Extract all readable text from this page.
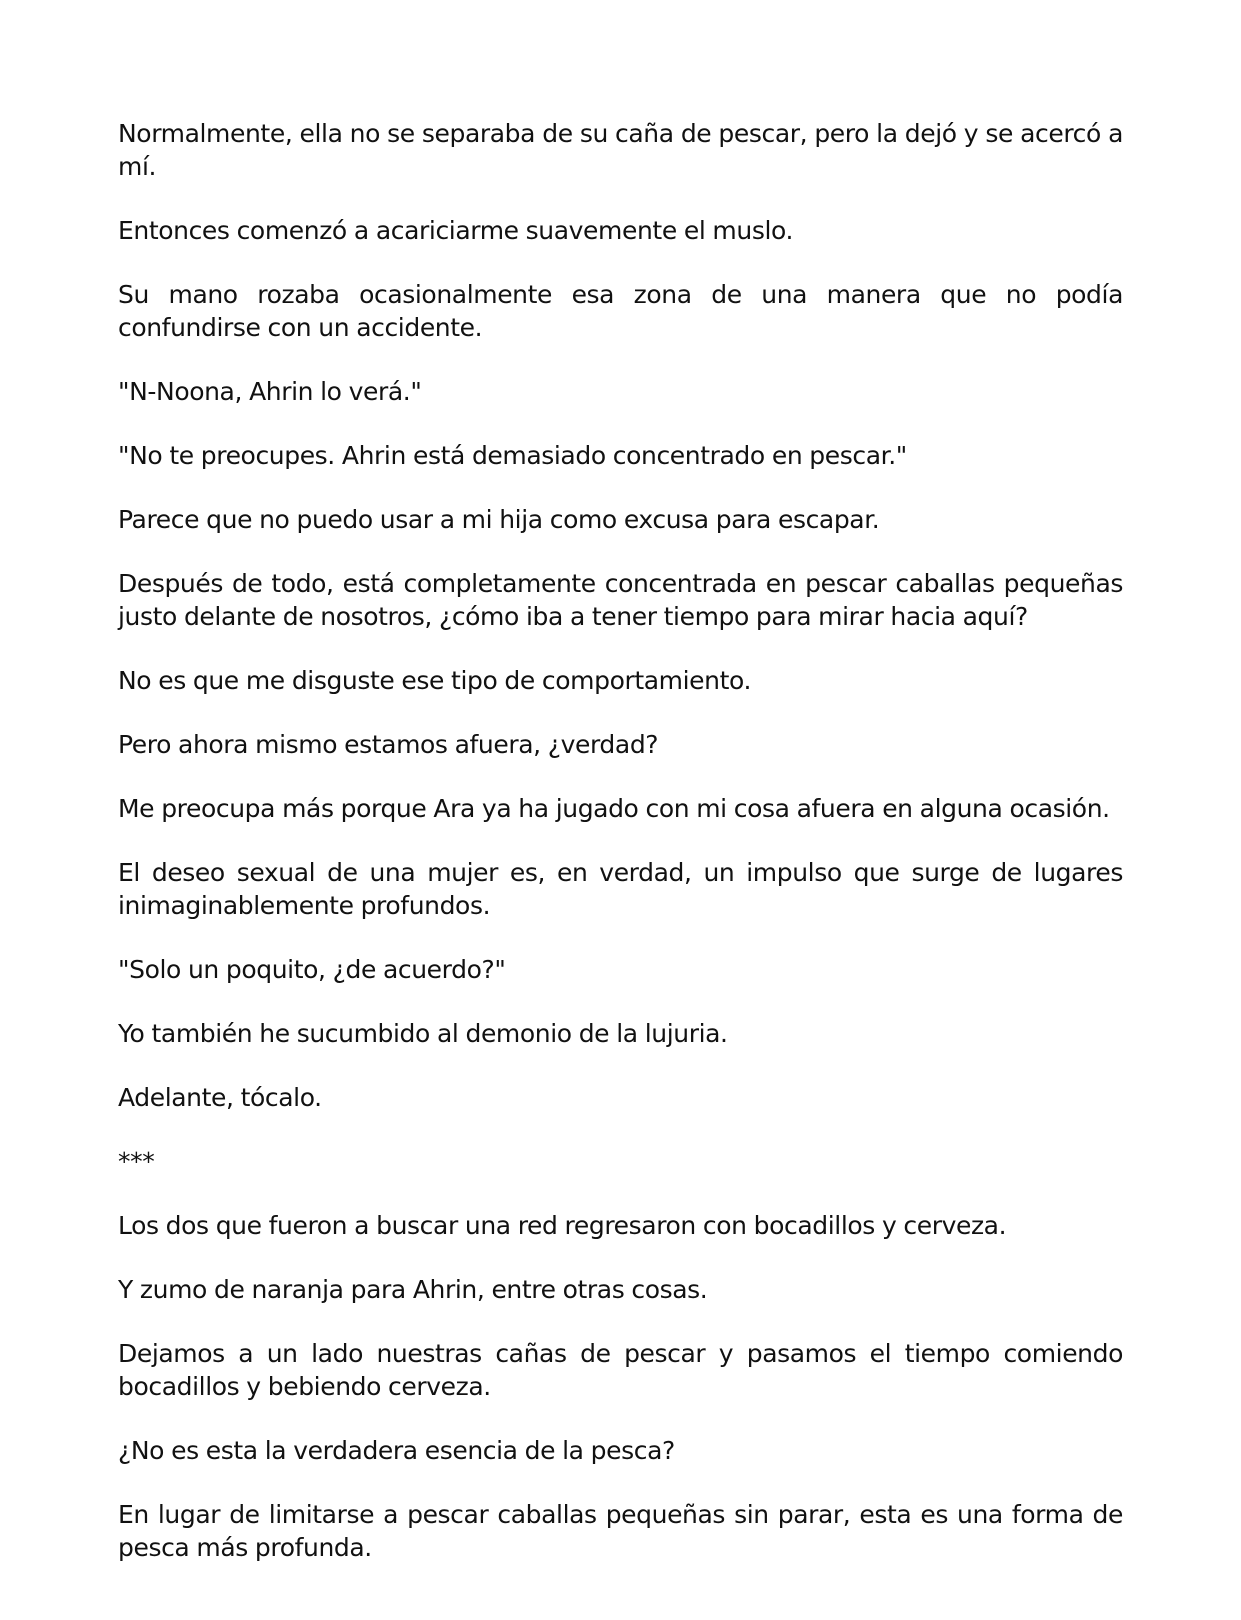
Normalmente, ella no se separaba de su caña de pescar, pero la dejó y se acercó a mí.

Entonces comenzó a acariciarme suavemente el muslo.

Su mano rozaba ocasionalmente esa zona de una manera que no podía confundirse con un accidente.

"N-Noona, Ahrin lo verá."

"No te preocupes. Ahrin está demasiado concentrado en pescar."

Parece que no puedo usar a mi hija como excusa para escapar.

Después de todo, está completamente concentrada en pescar caballas pequeñas justo delante de nosotros, ¿cómo iba a tener tiempo para mirar hacia aquí?

No es que me disguste ese tipo de comportamiento.

Pero ahora mismo estamos afuera, ¿verdad?

Me preocupa más porque Ara ya ha jugado con mi cosa afuera en alguna ocasión.

El deseo sexual de una mujer es, en verdad, un impulso que surge de lugares inimaginablemente profundos.

"Solo un poquito, ¿de acuerdo?"

Yo también he sucumbido al demonio de la lujuria.

Adelante, tócalo.

***

Los dos que fueron a buscar una red regresaron con bocadillos y cerveza.

Y zumo de naranja para Ahrin, entre otras cosas.

Dejamos a un lado nuestras cañas de pescar y pasamos el tiempo comiendo bocadillos y bebiendo cerveza.

¿No es esta la verdadera esencia de la pesca?

En lugar de limitarse a pescar caballas pequeñas sin parar, esta es una forma de pesca más profunda.
